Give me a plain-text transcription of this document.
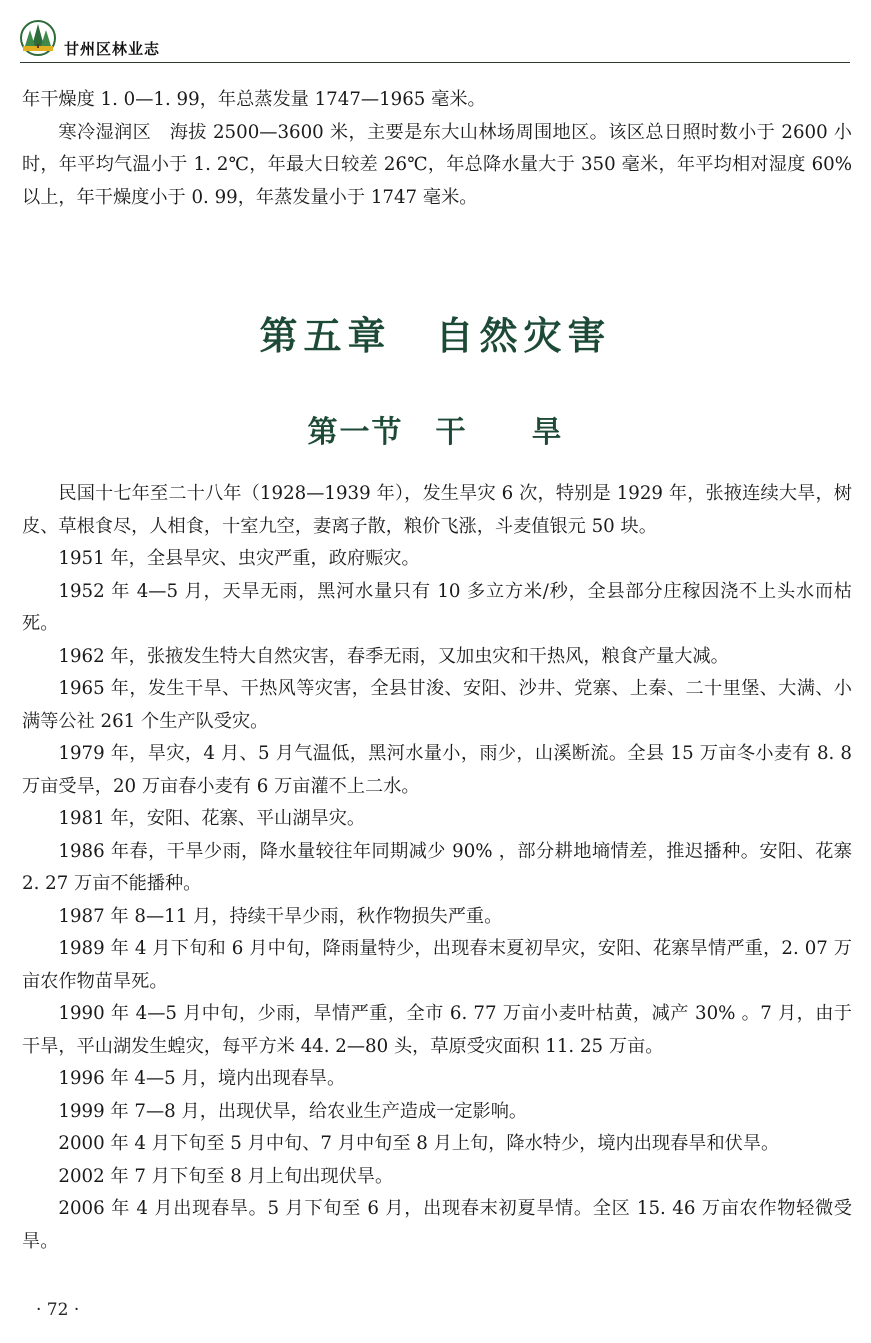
甘州区林业志

年干燥度 1. 0—1. 99，年总蒸发量 1747—1965 毫米。

寒冷湿润区　海拔 2500—3600 米，主要是东大山林场周围地区。该区总日照时数小于 2600 小时，年平均气温小于 1. 2℃，年最大日较差 26℃，年总降水量大于 350 毫米，年平均相对湿度 60% 以上，年干燥度小于 0. 99，年蒸发量小于 1747 毫米。

第五章　自然灾害
第一节　干　　旱

民国十七年至二十八年（1928—1939 年），发生旱灾 6 次，特别是 1929 年，张掖连续大旱，树皮、草根食尽，人相食，十室九空，妻离子散，粮价飞涨，斗麦值银元 50 块。

1951 年，全县旱灾、虫灾严重，政府赈灾。

1952 年 4—5 月，天旱无雨，黑河水量只有 10 多立方米/秒，全县部分庄稼因浇不上头水而枯死。

1962 年，张掖发生特大自然灾害，春季无雨，又加虫灾和干热风，粮食产量大减。

1965 年，发生干旱、干热风等灾害，全县甘浚、安阳、沙井、党寨、上秦、二十里堡、大满、小满等公社 261 个生产队受灾。

1979 年，旱灾，4 月、5 月气温低，黑河水量小，雨少，山溪断流。全县 15 万亩冬小麦有 8. 8 万亩受旱，20 万亩春小麦有 6 万亩灌不上二水。

1981 年，安阳、花寨、平山湖旱灾。

1986 年春，干旱少雨，降水量较往年同期减少 90% ，部分耕地墒情差，推迟播种。安阳、花寨 2. 27 万亩不能播种。

1987 年 8—11 月，持续干旱少雨，秋作物损失严重。

1989 年 4 月下旬和 6 月中旬，降雨量特少，出现春末夏初旱灾，安阳、花寨旱情严重，2. 07 万亩农作物苗旱死。

1990 年 4—5 月中旬，少雨，旱情严重，全市 6. 77 万亩小麦叶枯黄，减产 30% 。7 月，由于干旱，平山湖发生蝗灾，每平方米 44. 2—80 头，草原受灾面积 11. 25 万亩。

1996 年 4—5 月，境内出现春旱。

1999 年 7—8 月，出现伏旱，给农业生产造成一定影响。

2000 年 4 月下旬至 5 月中旬、7 月中旬至 8 月上旬，降水特少，境内出现春旱和伏旱。

2002 年 7 月下旬至 8 月上旬出现伏旱。

2006 年 4 月出现春旱。5 月下旬至 6 月，出现春末初夏旱情。全区 15. 46 万亩农作物轻微受旱。

· 72 ·
